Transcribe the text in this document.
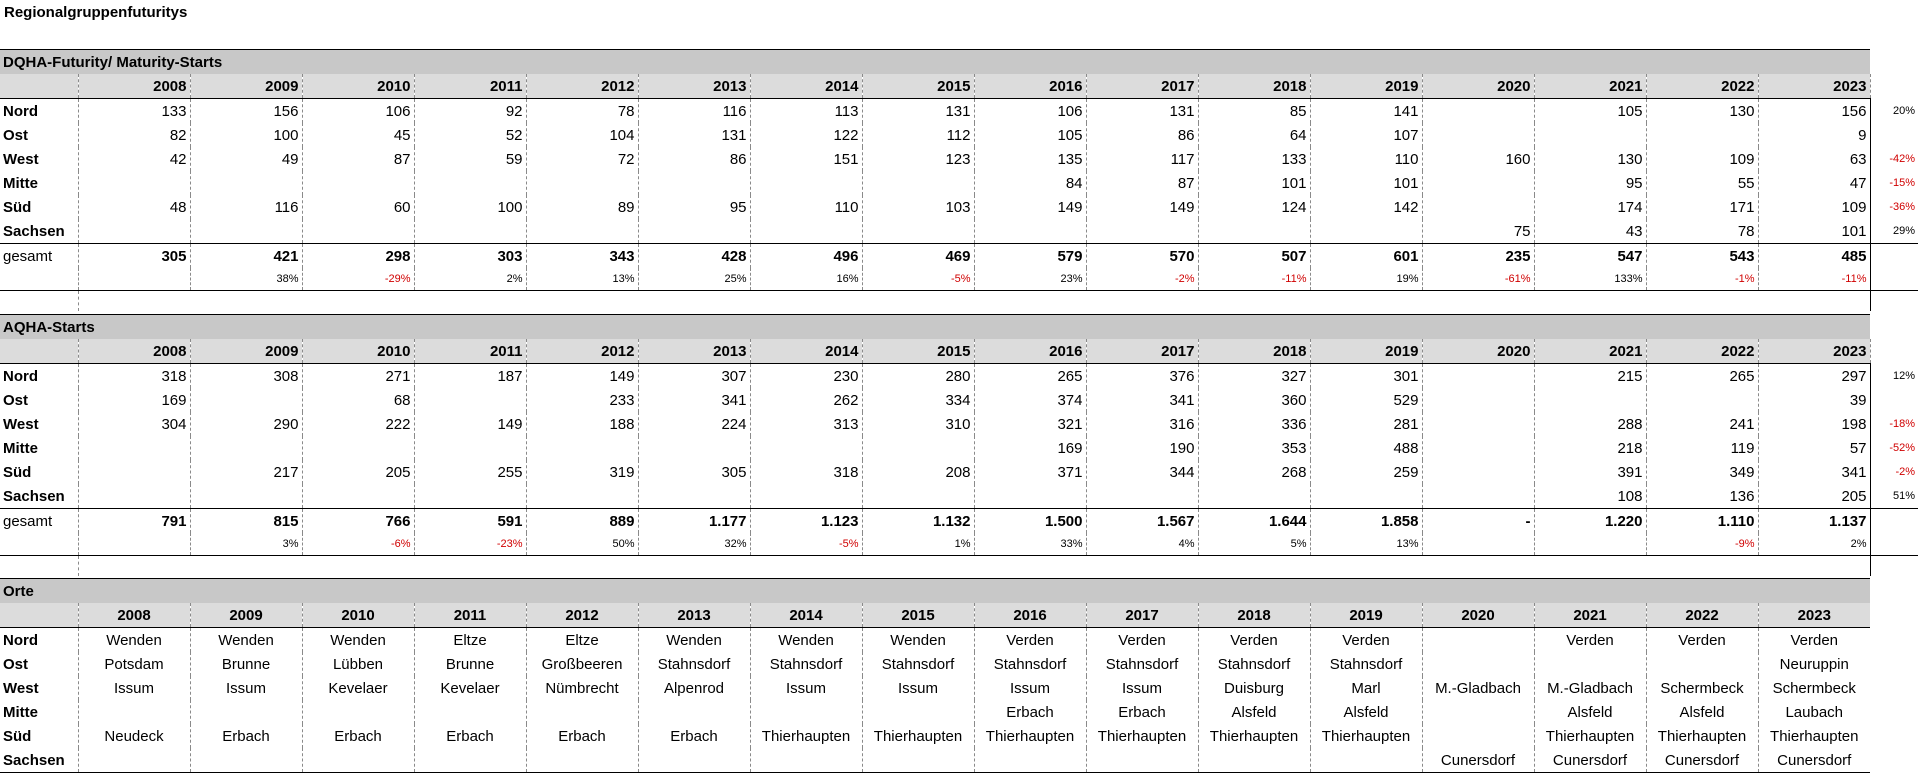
Regionalgruppenfuturitys
DQHA-Futurity/ Maturity-Starts																	
	2008	2009	2010	2011	2012	2013	2014	2015	2016	2017	2018	2019	2020	2021	2022	2023	
Nord	133	156	106	92	78	116	113	131	106	131	85	141		105	130	156	20%
Ost	82	100	45	52	104	131	122	112	105	86	64	107				9	
West	42	49	87	59	72	86	151	123	135	117	133	110	160	130	109	63	-42%
Mitte									84	87	101	101		95	55	47	-15%
Süd	48	116	60	100	89	95	110	103	149	149	124	142		174	171	109	-36%
Sachsen													75	43	78	101	29%
gesamt	305	421	298	303	343	428	496	469	579	570	507	601	235	547	543	485	
		38%	-29%	2%	13%	25%	16%	-5%	23%	-2%	-11%	19%	-61%	133%	-1%	-11%	

AQHA-Starts																	
	2008	2009	2010	2011	2012	2013	2014	2015	2016	2017	2018	2019	2020	2021	2022	2023	
Nord	318	308	271	187	149	307	230	280	265	376	327	301		215	265	297	12%
Ost	169		68		233	341	262	334	374	341	360	529				39	
West	304	290	222	149	188	224	313	310	321	316	336	281		288	241	198	-18%
Mitte									169	190	353	488		218	119	57	-52%
Süd		217	205	255	319	305	318	208	371	344	268	259		391	349	341	-2%
Sachsen														108	136	205	51%
gesamt	791	815	766	591	889	1.177	1.123	1.132	1.500	1.567	1.644	1.858	-	1.220	1.110	1.137	
		3%	-6%	-23%	50%	32%	-5%	1%	33%	4%	5%	13%			-9%	2%	

Orte																
	2008	2009	2010	2011	2012	2013	2014	2015	2016	2017	2018	2019	2020	2021	2022	2023
Nord	Wenden	Wenden	Wenden	Eltze	Eltze	Wenden	Wenden	Wenden	Verden	Verden	Verden	Verden		Verden	Verden	Verden
Ost	Potsdam	Brunne	Lübben	Brunne	Großbeeren	Stahnsdorf	Stahnsdorf	Stahnsdorf	Stahnsdorf	Stahnsdorf	Stahnsdorf	Stahnsdorf				Neuruppin
West	Issum	Issum	Kevelaer	Kevelaer	Nümbrecht	Alpenrod	Issum	Issum	Issum	Issum	Duisburg	Marl	M.-Gladbach	M.-Gladbach	Schermbeck	Schermbeck
Mitte									Erbach	Erbach	Alsfeld	Alsfeld		Alsfeld	Alsfeld	Laubach
Süd	Neudeck	Erbach	Erbach	Erbach	Erbach	Erbach	Thierhaupten	Thierhaupten	Thierhaupten	Thierhaupten	Thierhaupten	Thierhaupten		Thierhaupten	Thierhaupten	Thierhaupten
Sachsen													Cunersdorf	Cunersdorf	Cunersdorf	Cunersdorf
